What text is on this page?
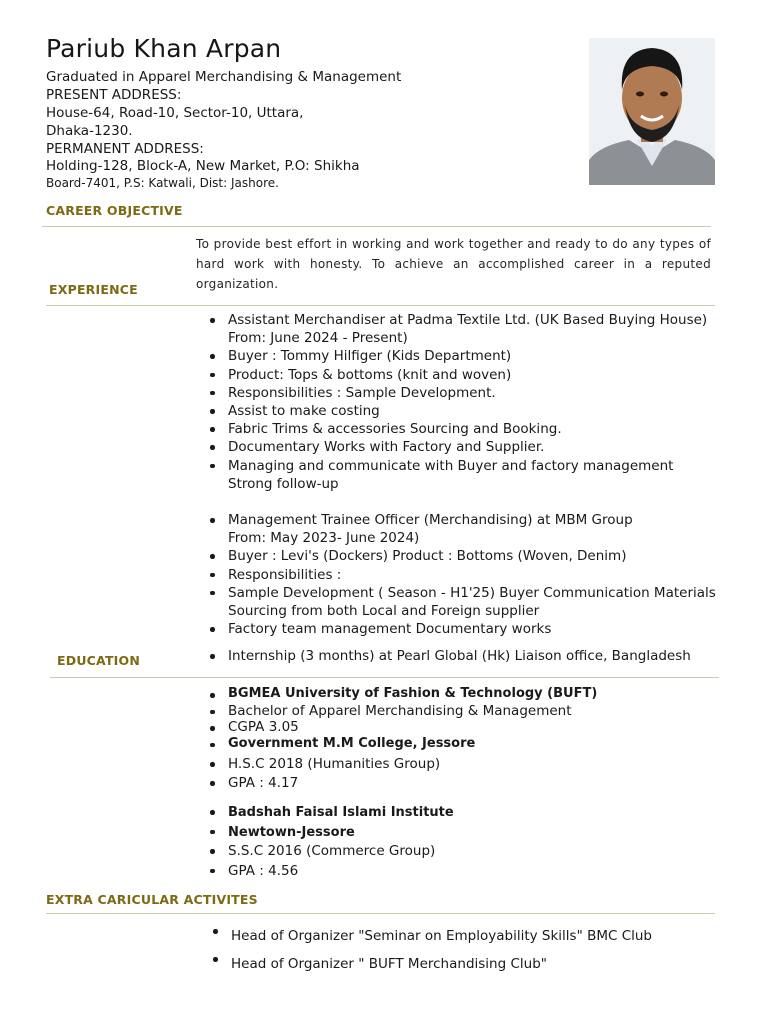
Pariub Khan Arpan
Graduated in Apparel Merchandising & Management
PRESENT ADDRESS:
House-64, Road-10, Sector-10, Uttara,
Dhaka-1230.
PERMANENT ADDRESS:
Holding-128, Block-A, New Market, P.O: Shikha
Board-7401, P.S: Katwali, Dist: Jashore.
CAREER OBJECTIVE
To provide best effort in working and work together and ready to do any types of hard work with honesty. To achieve an accomplished career in a reputed organization.
EXPERIENCE
Assistant Merchandiser at Padma Textile Ltd. (UK Based Buying House)
From: June 2024 - Present)
Buyer : Tommy Hilfiger (Kids Department)
Product: Tops & bottoms (knit and woven)
Responsibilities : Sample Development.
Assist to make costing
Fabric Trims & accessories Sourcing and Booking.
Documentary Works with Factory and Supplier.
Managing and communicate with Buyer and factory management
Strong follow-up
Management Trainee Officer (Merchandising) at MBM Group
From: May 2023- June 2024)
Buyer : Levi's (Dockers) Product : Bottoms (Woven, Denim)
Responsibilities :
Sample Development ( Season - H1'25) Buyer Communication Materials
Sourcing from both Local and Foreign supplier
Factory team management Documentary works
EDUCATION	Internship (3 months) at Pearl Global (Hk) Liaison office, Bangladesh
BGMEA University of Fashion & Technology (BUFT)
Bachelor of Apparel Merchandising & Management
CGPA 3.05
Government M.M College, Jessore
H.S.C 2018 (Humanities Group)
GPA : 4.17
Badshah Faisal Islami Institute
Newtown-Jessore
S.S.C 2016 (Commerce Group)
GPA : 4.56
EXTRA CARICULAR ACTIVITES
Head of Organizer "Seminar on Employability Skills" BMC Club
Head of Organizer " BUFT Merchandising Club"
